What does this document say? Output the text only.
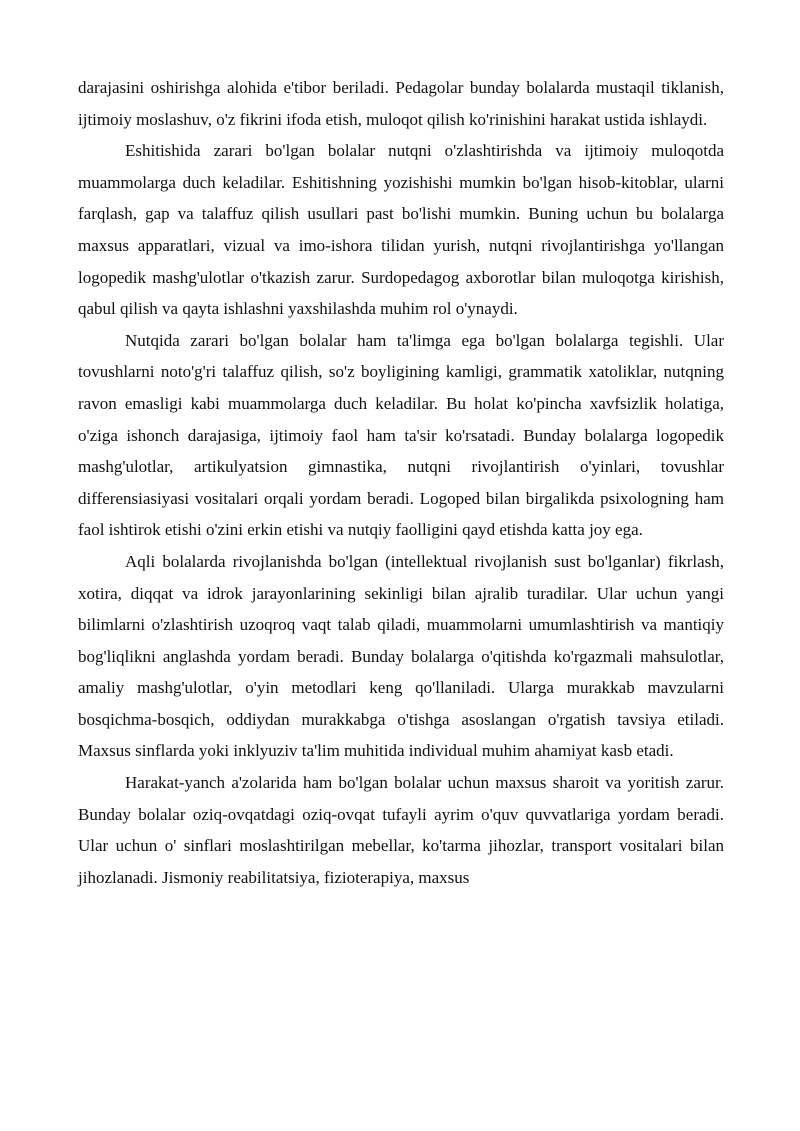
darajasini oshirishga alohida e'tibor beriladi. Pedagolar bunday bolalarda mustaqil tiklanish, ijtimoiy moslashuv, o'z fikrini ifoda etish, muloqot qilish ko'rinishini harakat ustida ishlaydi.

Eshitishida zarari bo'lgan bolalar nutqni o'zlashtirishda va ijtimoiy muloqotda muammolarga duch keladilar. Eshitishning yozishishi mumkin bo'lgan hisob-kitoblar, ularni farqlash, gap va talaffuz qilish usullari past bo'lishi mumkin. Buning uchun bu bolalarga maxsus apparatlari, vizual va imo-ishora tilidan yurish, nutqni rivojlantirishga yo'llangan logopedik mashg'ulotlar o'tkazish zarur. Surdopedagog axborotlar bilan muloqotga kirishish, qabul qilish va qayta ishlashni yaxshilashda muhim rol o'ynaydi.

Nutqida zarari bo'lgan bolalar ham ta'limga ega bo'lgan bolalarga tegishli. Ular tovushlarni noto'g'ri talaffuz qilish, so'z boyligining kamligi, grammatik xatoliklar, nutqning ravon emasligi kabi muammolarga duch keladilar. Bu holat ko'pincha xavfsizlik holatiga, o'ziga ishonch darajasiga, ijtimoiy faol ham ta'sir ko'rsatadi. Bunday bolalarga logopedik mashg'ulotlar, artikulyatsion gimnastika, nutqni rivojlantirish o'yinlari, tovushlar differensiasiyasi vositalari orqali yordam beradi. Logoped bilan birgalikda psixologning ham faol ishtirok etishi o'zini erkin etishi va nutqiy faolligini qayd etishda katta joy ega.

Aqli bolalarda rivojlanishda bo'lgan (intellektual rivojlanish sust bo'lganlar) fikrlash, xotira, diqqat va idrok jarayonlarining sekinligi bilan ajralib turadilar. Ular uchun yangi bilimlarni o'zlashtirish uzoqroq vaqt talab qiladi, muammolarni umumlashtirish va mantiqiy bog'liqlikni anglashda yordam beradi. Bunday bolalarga o'qitishda ko'rgazmali mahsulotlar, amaliy mashg'ulotlar, o'yin metodlari keng qo'llaniladi. Ularga murakkab mavzularni bosqichma-bosqich, oddiydan murakkabga o'tishga asoslangan o'rgatish tavsiya etiladi. Maxsus sinflarda yoki inklyuziv ta'lim muhitida individual muhim ahamiyat kasb etadi.

Harakat-yanch a'zolarida ham bo'lgan bolalar uchun maxsus sharoit va yoritish zarur. Bunday bolalar oziq-ovqatdagi oziq-ovqat tufayli ayrim o'quv quvvatlariga yordam beradi. Ular uchun o' sinflari moslashtirilgan mebellar, ko'tarma jihozlar, transport vositalari bilan jihozlanadi. Jismoniy reabilitatsiya, fizioterapiya, maxsus
